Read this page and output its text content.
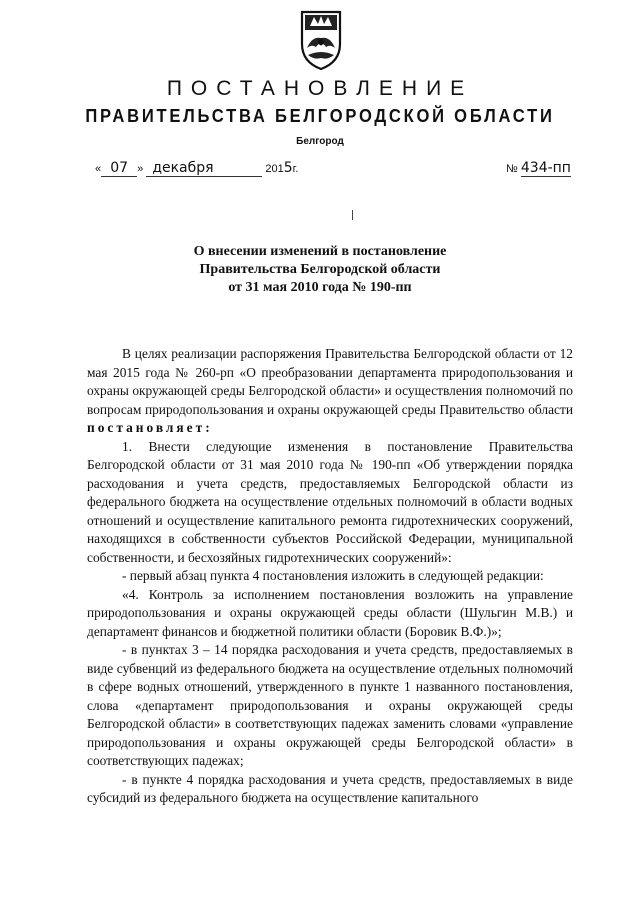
ПОСТАНОВЛЕНИЕ
ПРАВИТЕЛЬСТВА БЕЛГОРОДСКОЙ ОБЛАСТИ
Белгород
« 07 » декабря	2015г.	№ 434-пп
О внесении изменений в постановление
Правительства Белгородской области
от 31 мая 2010 года № 190-пп

В целях реализации распоряжения Правительства Белгородской области от 12 мая 2015 года № 260-рп «О преобразовании департамента природопользования и охраны окружающей среды Белгородской области» и осуществления полномочий по вопросам природопользования и охраны окружающей среды Правительство области постановляет:

1. Внести следующие изменения в постановление Правительства Белгородской области от 31 мая 2010 года № 190-пп «Об утверждении порядка расходования и учета средств, предоставляемых Белгородской области из федерального бюджета на осуществление отдельных полномочий в области водных отношений и осуществление капитального ремонта гидротехнических сооружений, находящихся в собственности субъектов Российской Федерации, муниципальной собственности, и бесхозяйных гидротехнических сооружений»:

- первый абзац пункта 4 постановления изложить в следующей редакции:

«4. Контроль за исполнением постановления возложить на управление природопользования и охраны окружающей среды области (Шульгин М.В.) и департамент финансов и бюджетной политики области (Боровик В.Ф.)»;

- в пунктах 3 – 14 порядка расходования и учета средств, предоставляемых в виде субвенций из федерального бюджета на осуществление отдельных полномочий в сфере водных отношений, утвержденного в пункте 1 названного постановления, слова «департамент природопользования и охраны окружающей среды Белгородской области» в соответствующих падежах заменить словами «управление природопользования и охраны окружающей среды Белгородской области» в соответствующих падежах;

- в пункте 4 порядка расходования и учета средств, предоставляемых в виде субсидий из федерального бюджета на осуществление капитального
